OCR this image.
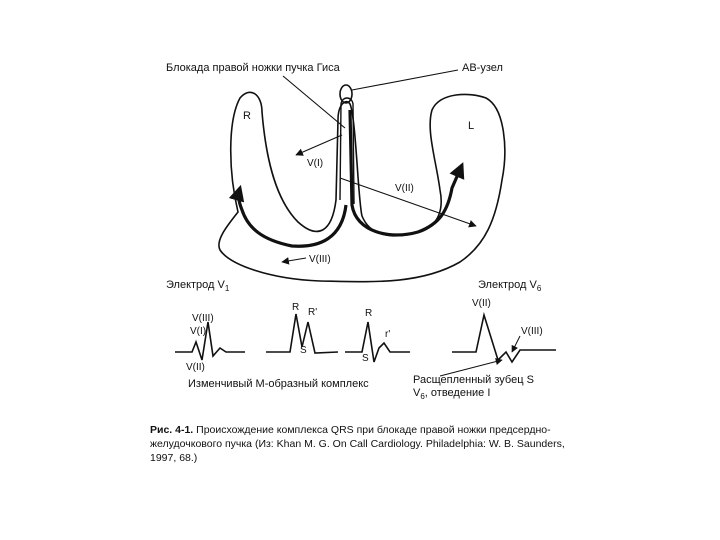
Блокада правой ножки пучка Гиса	АВ-узел
R
L
V(I)
V(II)
V(III)
Электрод $V_1$
V(III)
V(I)
V(II)
R R'
S
R
r'
S
Изменчивый М-образный комплекс
Электрод $V_6$
V(II)
V(III)
Расщепленный зубец S
$V_6$, отведение I
Рис. 4-1. Происхождение комплекса QRS при блокаде правой ножки предсердно-желудочкового пучка (Из: Khan M. G. On Call Cardiology. Philadelphia: W. B. Saunders, 1997, 68.)
